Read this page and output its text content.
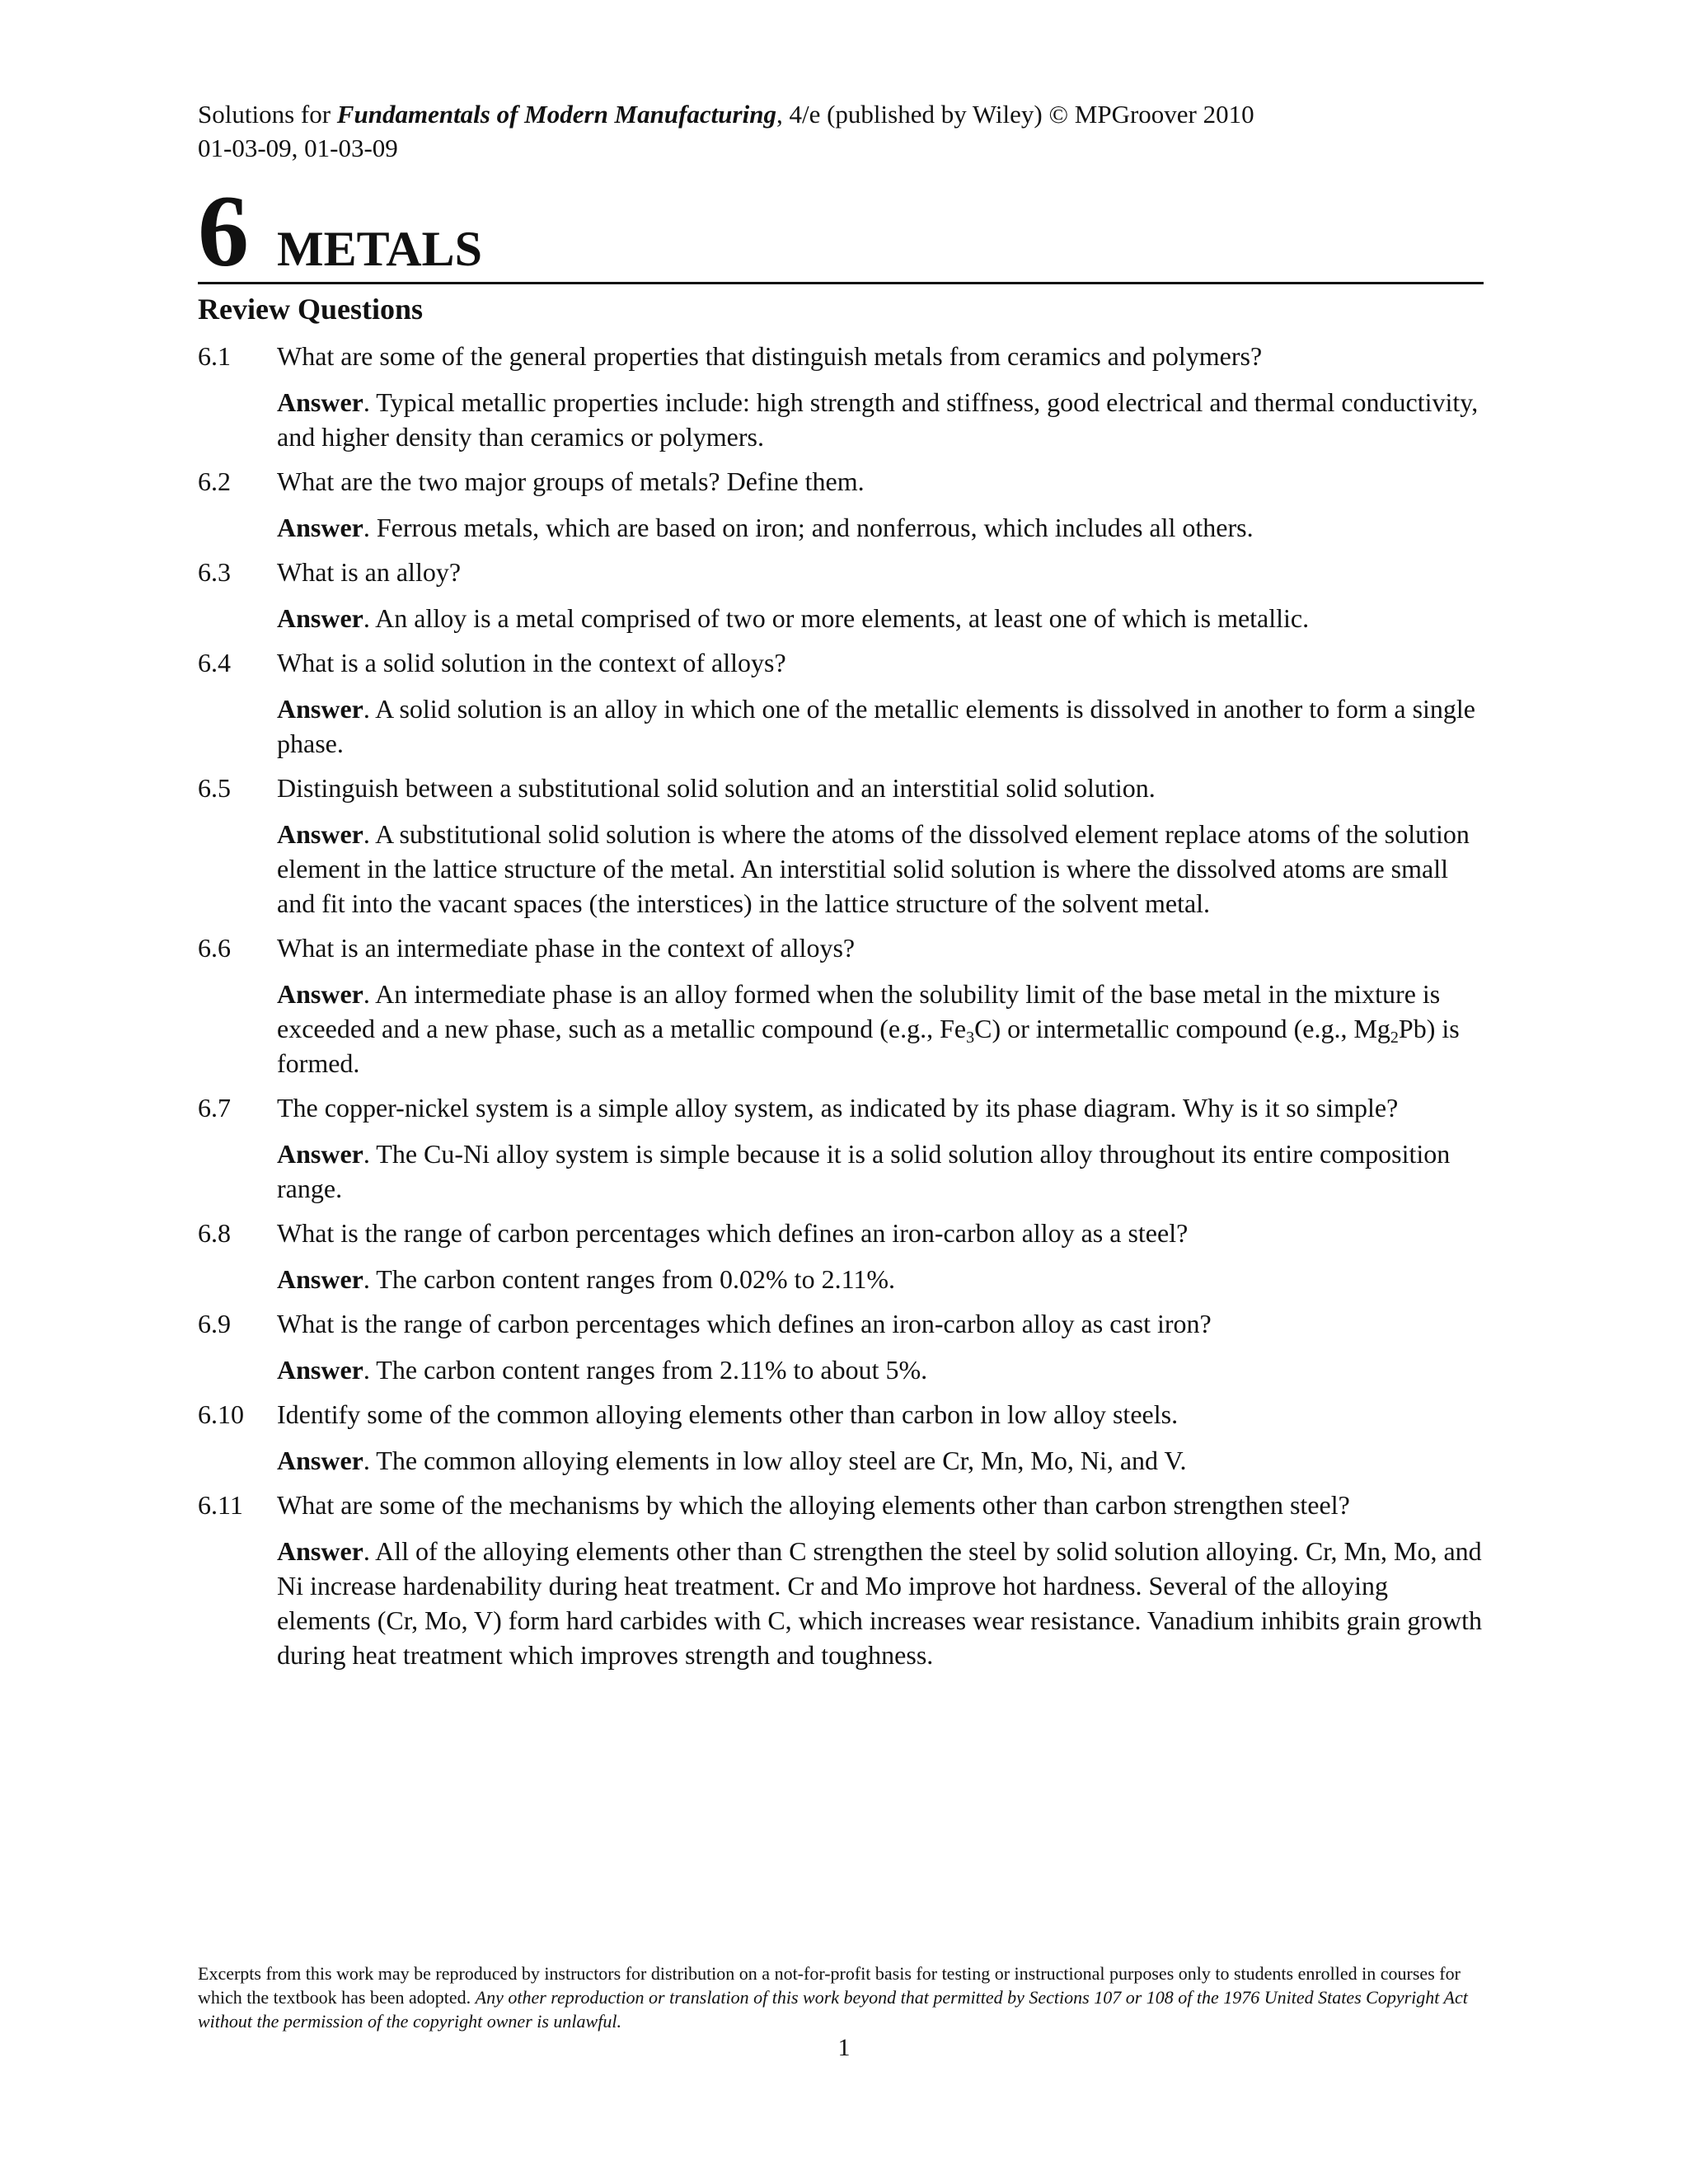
Solutions for Fundamentals of Modern Manufacturing, 4/e (published by Wiley) © MPGroover 2010
01-03-09, 01-03-09
6 METALS
Review Questions
6.1	What are some of the general properties that distinguish metals from ceramics and polymers?
Answer. Typical metallic properties include: high strength and stiffness, good electrical and thermal conductivity, and higher density than ceramics or polymers.
6.2	What are the two major groups of metals? Define them.
Answer. Ferrous metals, which are based on iron; and nonferrous, which includes all others.
6.3	What is an alloy?
Answer. An alloy is a metal comprised of two or more elements, at least one of which is metallic.
6.4	What is a solid solution in the context of alloys?
Answer. A solid solution is an alloy in which one of the metallic elements is dissolved in another to form a single phase.
6.5	Distinguish between a substitutional solid solution and an interstitial solid solution.
Answer. A substitutional solid solution is where the atoms of the dissolved element replace atoms of the solution element in the lattice structure of the metal. An interstitial solid solution is where the dissolved atoms are small and fit into the vacant spaces (the interstices) in the lattice structure of the solvent metal.
6.6	What is an intermediate phase in the context of alloys?
Answer. An intermediate phase is an alloy formed when the solubility limit of the base metal in the mixture is exceeded and a new phase, such as a metallic compound (e.g., $Fe_3C$) or intermetallic compound (e.g., $Mg_2Pb$) is formed.
6.7	The copper-nickel system is a simple alloy system, as indicated by its phase diagram. Why is it so simple?
Answer. The Cu-Ni alloy system is simple because it is a solid solution alloy throughout its entire composition range.
6.8	What is the range of carbon percentages which defines an iron-carbon alloy as a steel?
Answer. The carbon content ranges from 0.02% to 2.11%.
6.9	What is the range of carbon percentages which defines an iron-carbon alloy as cast iron?
Answer. The carbon content ranges from 2.11% to about 5%.
6.10	Identify some of the common alloying elements other than carbon in low alloy steels.
Answer. The common alloying elements in low alloy steel are Cr, Mn, Mo, Ni, and V.
6.11	What are some of the mechanisms by which the alloying elements other than carbon strengthen steel?
Answer. All of the alloying elements other than C strengthen the steel by solid solution alloying. Cr, Mn, Mo, and Ni increase hardenability during heat treatment. Cr and Mo improve hot hardness. Several of the alloying elements (Cr, Mo, V) form hard carbides with C, which increases wear resistance. Vanadium inhibits grain growth during heat treatment which improves strength and toughness.
Excerpts from this work may be reproduced by instructors for distribution on a not-for-profit basis for testing or instructional purposes only to students enrolled in courses for which the textbook has been adopted. Any other reproduction or translation of this work beyond that permitted by Sections 107 or 108 of the 1976 United States Copyright Act without the permission of the copyright owner is unlawful.
1
